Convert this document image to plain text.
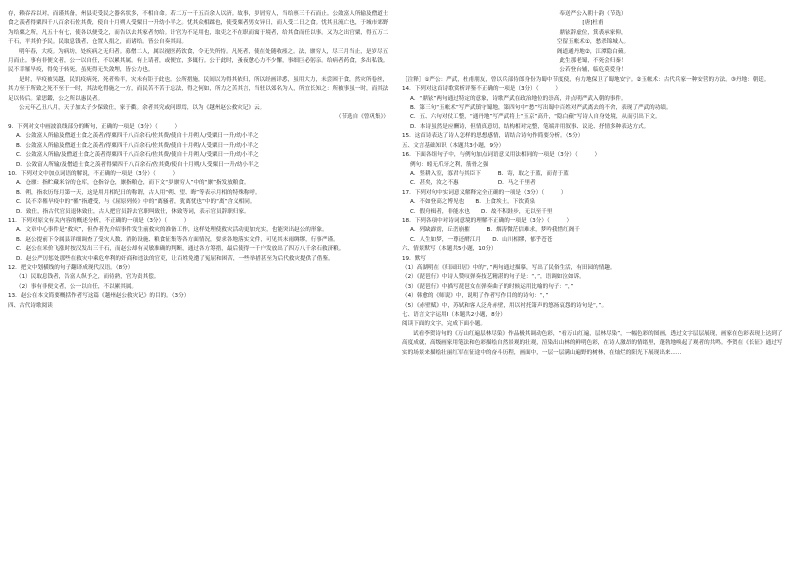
存，赖吞吞以对，而谨其备，州县吏受民之器名状多，不相自命。若二万一千五百余人以济。故事，岁屑穷人，当给禀三千石而止。公敛富人所输及僧道士食之羡者得粟四千八百余石佐其费，使自十月朔人受粟日一升幼小半之。忧其众相蹂也，使受粟者男女异日，而人受二日之食。忧其且流亡也，于城市郊野为给粟之所，凡五十有七，使各以便受之，而告以去其家者勿给。计官为不足用也，取吏之不在职而寓于境者，给其食而任以事。又为之出官粟，得五万二千石，平其价予民。民取息钱者，仓置人捐之，而诸给。皆公自奏其局。

明年春，大疫。为病坊，处疾病之无归者。募僧二人，属以视医药饮食，令无失所恃。凡死者，使在处随收瘗之。法，廪穷人，尽三月当止，是岁尽五月而止。事有非便文者，公一以自任，不以累其属。有上请者，或便宜，多辄行。公于此时，蚤夜惫心力不少懈，事细巨必躬亲。给病者药食，多出私钱。民不幸罹旱疫，得免于转死，虽死得无失敛埋，皆公力也。

是时，旱疫被吴越，民饥疫病死，死者殆半，灾未有钜于此也。公所措施，民间以为得其依归，所以经画详悉，虽用大力，未尝困于食，然灾所卷丝，其力至于所致之死不至于一时，其法吃得施之一方，而民苦不苦于忘法，得之何如，所力之苦其言，当驻以郊名为人，所宜长知之：所被事虽一时，而其法足以传后。蒙思鑑，公之所以惠民者。

公元年乙丑八月，天子加太子少保致仕，家于衢。余者其究或问即焉，以为《越州赵公救灾记》云。

（节选自《曾巩集》）

9．下列对文中画波浪线部分的断句，正确的一项是（3分）（　　　）

A．公敛富人所输及僧道士食之羡者/得粟四千八百余石/佐其费/使自十月朔人/受粟日一升/幼小半之

B．公敛富人所输及僧道士食之羡者/得粟四千八百余石/佐其费/使自十月朔/人受粟日一升/幼小半之

C．公敛富人所输/及僧道士食之羡者得粟四千八百余石/佐其费/使自十月朔人/受粟日一升/幼小半之

D．公敛富人所输/及僧道士食之羡者得粟四千八百余石/佐其费/使自十月朔/人受粟日一升/幼小半之

10．下列对文中加点词语的解说，不正确的一项是（3分）（　　　）

A．仓廪：指贮藏米谷的仓库，仓指谷仓，廪指粮仓，而下文“岁廪穷人”中的“廪”指发放粮食。

B．朔，指农历每月第一天，这是用月相纪日的称谓，古人用“朔、望、晦”等表示月相的特殊称呼。

C．民不幸罹旱疫中的“罹”指遭受，与《屈原列传》中的“离骚者，犹离忧也”中的“离”含义相同。

D．致仕，指古代官员退休致仕，古人把官员辞去官职叫致仕，休致等词，表示官员辞职归家。

11．下列对原文有关内容的概述分析，不正确的一项是（3分）（　　　）

A．文章中心事件是“救灾”，但作者先介绍事件发生前救灾的准备工作，这样处理使救灾活动更加充实，也能突出赵公的形象。

B．赵公提前下令属县详细调查了受灾人数、消防设施、粮食征集等各方面情况，要求各地落实文件，可见其未雨绸缪，行事严谨。

C．赵公在米价飞涨时按汉发出三千石，而赵公却有灵敏准确的判断，通过各方筹措，最后使得一千户发放出了四万八千余石救济粮。

D．赵公严厉惩处那些在救灾中乘危牟利的奸商和违法的官吏，让百姓免遭了冤屈和困苦，一些举措甚至为后代救灾提供了借鉴。

12．把文中划横线的句子翻译成现代汉语。（8分）

（1）民取息钱者，告富人纵予之，而待熟，官为责其偿。

（2）事有非便文者，公一以自任，不以累其属。

13．赵公在本文简要概括作者写这篇《越州赵公救灾记》的目的。（3分）

四、古代诗歌阅读

奉送严公入朝十韵（节选）

[唐]杜甫

鼎铉辞虚位，箕裘承家仰，

空留玉帐术①，愁杀锦城人。

阁道通丹地②，江潭隐白蘋。

此生那老蜀，不死会归秦！

公若登台辅，临危莫爱身！

［注释］①严公：严武，杜甫朋友，曾以兵部侍郎身份为蜀中节度使，有力地保卫了蜀地安宁。②玉帐术：古代兵家一种安营的方法。③丹地：朝廷。

14．下列对这首诗歌赏析评鉴不正确的一项是（3分）（　　　）

A．“鼎铉”两句通过特定的意象，诗歌严武在政治地位的崇高，并点明严武入朝的事件。

B．第三句“玉帐术”写严武镇守蜀地，第四句中“愁”写出蜀中百姓对严武离去的不舍，表现了严武的功绩。

C．五、六句对仗工整，“通丹地”写严武将上“玉京”高升，“隐白蘋”写诗人自身处境，从而引出下文。

D．本诗虽然是应酬诗，但情真意切，结构相对完整，笔端并用叙事、议论、抒情多种表达方式。

15．这首诗表达了诗人怎样的思想感情，请结合诗句作简要分析。（5分）

五、文言基础知识（本题共3小题，9分）

16．下面各组句子中，与例句加点词语意义用法相同的一项是（3分）（　　　）

例句：蚓无爪牙之利，筋骨之强

A．竖耕入室，寡君与其臣下　　　B．寄，取之于蓝，而青于蓝

C．甚矣，汝之不惠　　　　　　　D．马之千里者

17．下列对句中实词意义解释完全正确的一项是（3分）（　　　）

A．不如登高之博见也　　B．上食埃土，下饮黄泉

C．假舟楫者，非能水也　　D．故不积跬步，无以至千里

18．下列各项中对诗词意境的理解不正确的一项是（3分）（　　　）

A．列缺霹雳，丘峦崩摧　　　B．烟涛微茫信难求，梦吟我惜红阁千

C．人生如梦，一尊还酹江月　　D．山川相缪，郁乎苍苍

六、情景默写（本题共5小题，10分）

19．默写

（1）高湖明在《归园田居》中的“，”两句通过描摹，写出了民俗生活，有田园的情趣。

（2）《琵琶行》中诗人赞叹弹奏技艺精湛的句子是：“，”，语调如泣如诉。

（3）《琵琶行》中描写琵琶女在弹奏曲子的时候运用比喻的句子：“，”

（4）韩愈的《师说》中，说明了作者写作目的的诗句：“，”

（5）《赤壁赋》中，苏轼和客人泛舟赤壁，用以衬托箫声的悠扬哀怨的诗句是“，”。

七、语言文字运用Ⅰ（本题共2小题，8分）

阅读下面的文字，完成下面小题。

试看李贺诗句的《万山红遍层林尽染》作品极其调动色彩，“看万山红遍，层林尽染”，一幅色彩的图画，透过文字层层展现，画家在色彩表现上达到了高度成就，高级画家用笔法和色彩描绘自然景观的壮观，渲染出山林的鲜明色彩，在诗人激昂的情绪里，蓬勃地唤起了观者的共鸣。李贺在《长征》通过写实的场景来描绘壮丽红军在征途中的奋斗历程，画面中，一层一层满山遍野的树林，在灿烂的阳光下展现出来......
